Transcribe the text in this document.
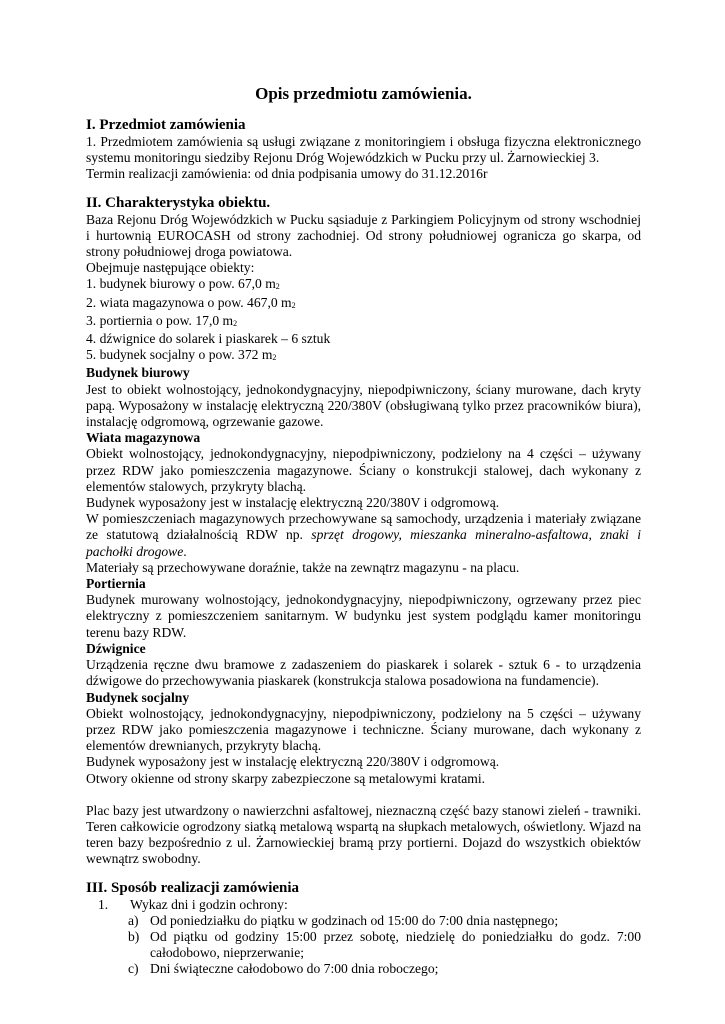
Opis przedmiotu zamówienia.
I. Przedmiot zamówienia

1. Przedmiotem zamówienia są usługi związane z monitoringiem i obsługa fizyczna elektronicznego systemu monitoringu siedziby Rejonu Dróg Wojewódzkich w Pucku przy ul. Żarnowieckiej 3.

Termin realizacji zamówienia: od dnia podpisania umowy do 31.12.2016r

II. Charakterystyka obiektu.

Baza Rejonu Dróg Wojewódzkich w Pucku sąsiaduje z Parkingiem Policyjnym od strony wschodniej i hurtownią EUROCASH od strony zachodniej. Od strony południowej ogranicza go skarpa, od strony południowej droga powiatowa.

Obejmuje następujące obiekty:

1. budynek biurowy o pow. 67,0 $m_2$

2. wiata magazynowa o pow. 467,0 $m_2$

3. portiernia o pow. 17,0 $m_2$

4. dźwignice do solarek i piaskarek – 6 sztuk

5. budynek socjalny o pow. 372 $m_2$

Budynek biurowy

Jest to obiekt wolnostojący, jednokondygnacyjny, niepodpiwniczony, ściany murowane, dach kryty papą. Wyposażony w instalację elektryczną 220/380V (obsługiwaną tylko przez pracowników biura), instalację odgromową, ogrzewanie gazowe.

Wiata magazynowa

Obiekt wolnostojący, jednokondygnacyjny, niepodpiwniczony, podzielony na 4 części – używany przez RDW jako pomieszczenia magazynowe. Ściany o konstrukcji stalowej, dach wykonany z elementów stalowych, przykryty blachą.

Budynek wyposażony jest w instalację elektryczną 220/380V i odgromową.

W pomieszczeniach magazynowych przechowywane są samochody, urządzenia i materiały związane ze statutową działalnością RDW np. sprzęt drogowy, mieszanka mineralno-asfaltowa, znaki i pachołki drogowe.

Materiały są przechowywane doraźnie, także na zewnątrz magazynu - na placu.

Portiernia

Budynek murowany wolnostojący, jednokondygnacyjny, niepodpiwniczony, ogrzewany przez piec elektryczny z pomieszczeniem sanitarnym. W budynku jest system podglądu kamer monitoringu terenu bazy RDW.

Dźwignice

Urządzenia ręczne dwu bramowe z zadaszeniem do piaskarek i solarek - sztuk 6 - to urządzenia dźwigowe do przechowywania piaskarek (konstrukcja stalowa posadowiona na fundamencie).

Budynek socjalny

Obiekt wolnostojący, jednokondygnacyjny, niepodpiwniczony, podzielony na 5 części – używany przez RDW jako pomieszczenia magazynowe i techniczne. Ściany murowane, dach wykonany z elementów drewnianych, przykryty blachą.

Budynek wyposażony jest w instalację elektryczną 220/380V i odgromową.

Otwory okienne od strony skarpy zabezpieczone są metalowymi kratami.

Plac bazy jest utwardzony o nawierzchni asfaltowej, nieznaczną część bazy stanowi zieleń - trawniki. Teren całkowicie ogrodzony siatką metalową wspartą na słupkach metalowych, oświetlony. Wjazd na teren bazy bezpośrednio z ul. Żarnowieckiej bramą przy portierni. Dojazd do wszystkich obiektów wewnątrz swobodny.

III. Sposób realizacji zamówienia
1.	Wykaz dni i godzin ochrony:
a) Od poniedziałku do piątku w godzinach od 15:00 do 7:00 dnia następnego;
b) Od piątku od godziny 15:00 przez sobotę, niedzielę do poniedziałku do godz. 7:00 całodobowo, nieprzerwanie;
c) Dni świąteczne całodobowo do 7:00 dnia roboczego;
